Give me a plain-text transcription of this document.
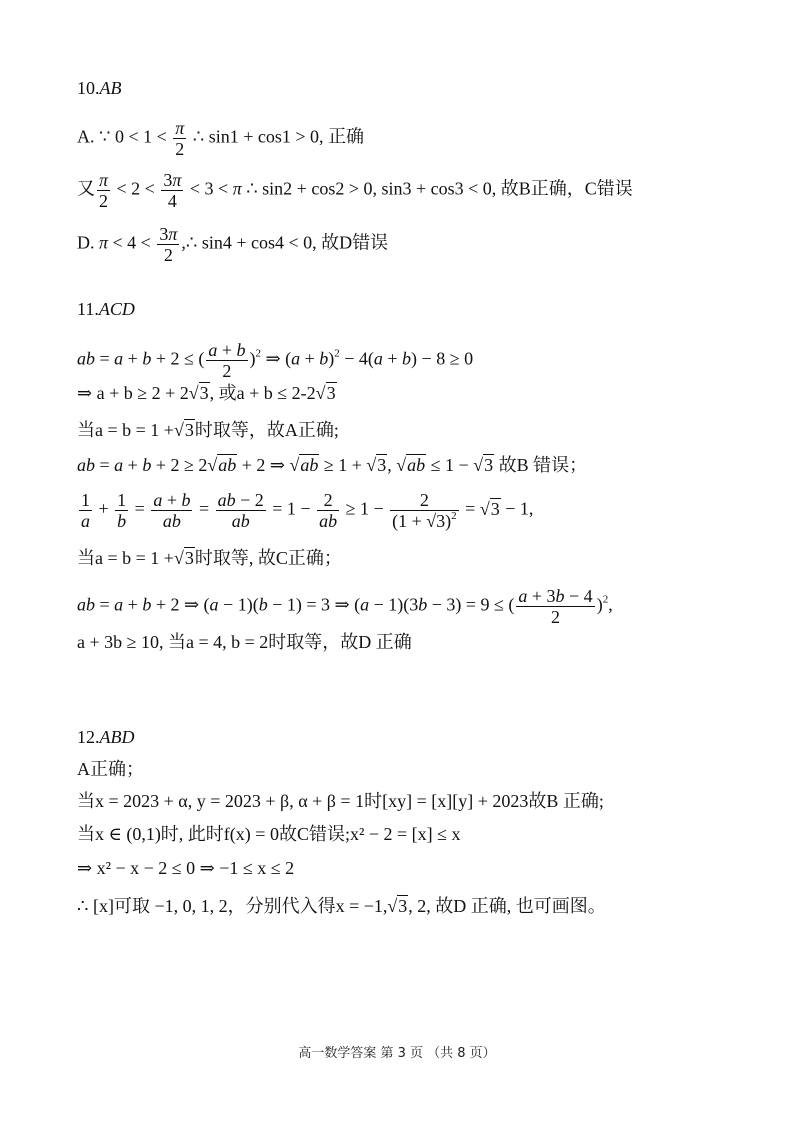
10.AB
A. ∵ $0 < 1 < \frac{\pi}{2}$ ∴ sin1 + cos1 > 0, 正确
又 $\frac{\pi}{2} < 2 < \frac{3\pi}{4} < 3 < \pi$ ∴ sin2 + cos2 > 0, sin3 + cos3 < 0, 故B正确，C错误
D. $\pi < 4 < \frac{3\pi}{2}$ ,∴ sin4 + cos4 < 0, 故D错误
11.ACD
ab = a + b + 2 ≤ ( $\frac{a + b}{2} )^2$ ⇒ $(a + b)^2 - 4(a + b) - 8 \ge 0$
⇒ a + b ≥ 2 + 2√3, 或a + b ≤ 2-2√3
当a = b = 1 +√3时取等，故A正确;
ab = a + b + 2 ≥ 2√ab + 2 ⇒ √ab ≥ 1 + √3, √ab ≤ 1 − √3 故B 错误；
$\frac{1}{a} + \frac{1}{b} = \frac{a + b}{ab} = \frac{ab - 2}{ab} = 1 - \frac{2}{ab} \ge 1 - \frac{2}{(1 + √3)^2} = √3 - 1$,
当a = b = 1 +√3时取等, 故C正确；
ab = a + b + 2 ⇒ (a − 1)(b − 1) = 3 ⇒ (a − 1)(3b − 3) = 9 ≤ ( $\frac{a + 3b - 4}{2} )^2$,
a + 3b ≥ 10, 当a = 4, b = 2时取等，故D 正确
12.ABD
A正确；
当x = 2023 + α, y = 2023 + β, α + β = 1时[xy] = [x][y] + 2023故B 正确;
当x ∈ (0,1)时, 此时f(x) = 0故C错误;x² − 2 = [x] ≤ x
⇒ x² − x − 2 ≤ 0 ⇒ −1 ≤ x ≤ 2
∴ [x]可取 −1, 0, 1, 2，分别代入得x = −1,√3, 2, 故D 正确, 也可画图。
高一数学答案 第 3 页 （共 8 页）
